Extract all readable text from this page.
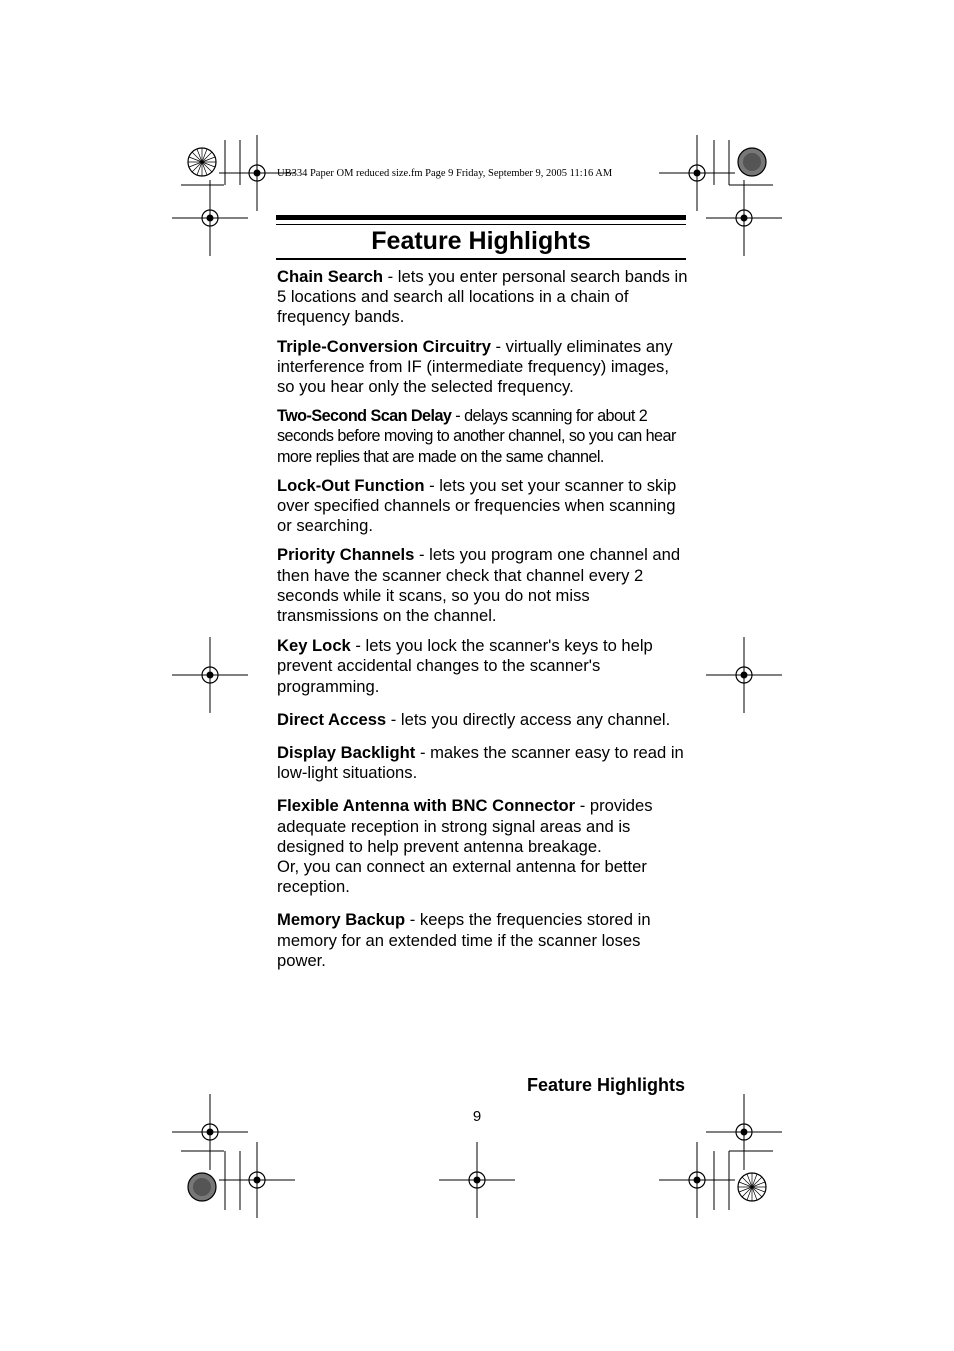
UB334 Paper OM reduced size.fm Page 9 Friday, September 9, 2005 11:16 AM
Feature Highlights

Chain Search - lets you enter personal search bands in 5 locations and search all locations in a chain of frequency bands.

Triple-Conversion Circuitry - virtually eliminates any interference from IF (intermediate frequency) images, so you hear only the selected frequency.

Two-Second Scan Delay - delays scanning for about 2 seconds before moving to another channel, so you can hear more replies that are made on the same channel.

Lock-Out Function - lets you set your scanner to skip over specified channels or frequencies when scanning or searching.

Priority Channels - lets you program one channel and then have the scanner check that channel every 2 seconds while it scans, so you do not miss transmissions on the channel.

Key Lock - lets you lock the scanner's keys to help prevent accidental changes to the scanner's programming.

Direct Access - lets you directly access any channel.

Display Backlight - makes the scanner easy to read in low-light situations.

Flexible Antenna with BNC Connector - provides adequate reception in strong signal areas and is designed to help prevent antenna breakage.
Or, you can connect an external antenna for better reception.

Memory Backup - keeps the frequencies stored in memory for an extended time if the scanner loses power.

Feature Highlights
9
